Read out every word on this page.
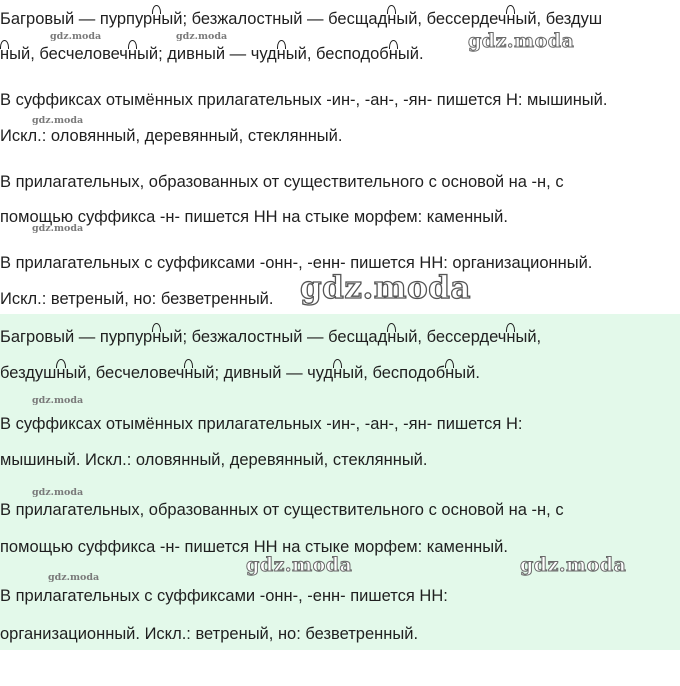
Багровый — пурпурный; безжалостный — бесщадный, бессердечный, бездуш

ный, бесчеловечный; дивный — чудный, бесподобный.

В суффиксах отымённых прилагательных -ин-, -ан-, -ян- пишется Н: мышиный.

Искл.: оловянный, деревянный, стеклянный.

В прилагательных, образованных от существительного с основой на -н, с

помощью суффикса -н- пишется НН на стыке морфем: каменный.

В прилагательных с суффиксами -онн-, -енн- пишется НН: организационный.

Искл.: ветреный, но: безветренный.

Багровый — пурпурный; безжалостный — бесщадный, бессердечный,

бездушный, бесчеловечный; дивный — чудный, бесподобный.

В суффиксах отымённых прилагательных -ин-, -ан-, -ян- пишется Н:

мышиный. Искл.: оловянный, деревянный, стеклянный.

В прилагательных, образованных от существительного с основой на -н, с

помощью суффикса -н- пишется НН на стыке морфем: каменный.

В прилагательных с суффиксами -онн-, -енн- пишется НН:

организационный. Искл.: ветреный, но: безветренный.

gdz.moda	gdz.moda	gdz.moda
gdz.moda
gdz.moda
gdz.moda
gdz.moda
gdz.moda
gdz.moda
gdz.moda	gdz.moda
